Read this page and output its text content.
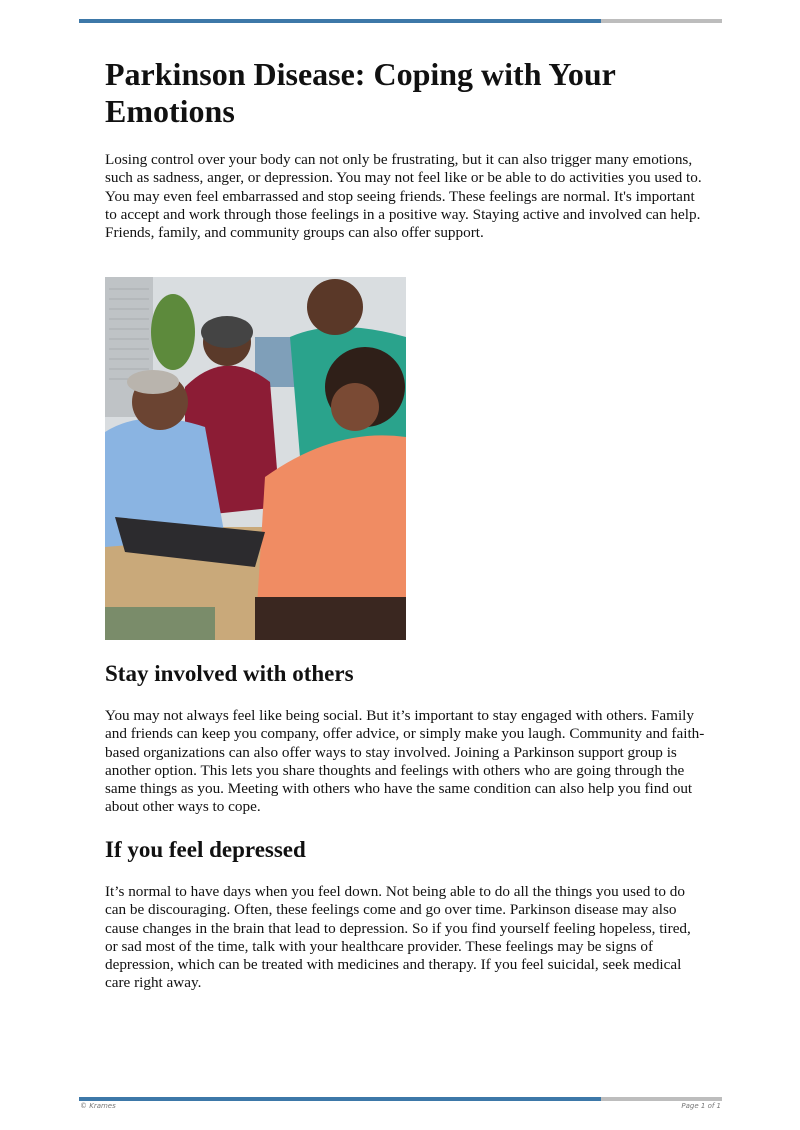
Parkinson Disease: Coping with Your Emotions

Losing control over your body can not only be frustrating, but it can also trigger many emotions, such as sadness, anger, or depression. You may not feel like or be able to do activities you used to. You may even feel embarrassed and stop seeing friends. These feelings are normal. It's important to accept and work through those feelings in a positive way. Staying active and involved can help. Friends, family, and community groups can also offer support.

Stay involved with others

You may not always feel like being social. But it’s important to stay engaged with others. Family and friends can keep you company, offer advice, or simply make you laugh. Community and faith-based organizations can also offer ways to stay involved. Joining a Parkinson support group is another option. This lets you share thoughts and feelings with others who are going through the same things as you. Meeting with others who have the same condition can also help you find out about other ways to cope.

If you feel depressed

It’s normal to have days when you feel down. Not being able to do all the things you used to do can be discouraging. Often, these feelings come and go over time. Parkinson disease may also cause changes in the brain that lead to depression. So if you find yourself feeling hopeless, tired, or sad most of the time, talk with your healthcare provider. These feelings may be signs of depression, which can be treated with medicines and therapy. If you feel suicidal, seek medical care right away.

© Krames	Page 1 of 1
